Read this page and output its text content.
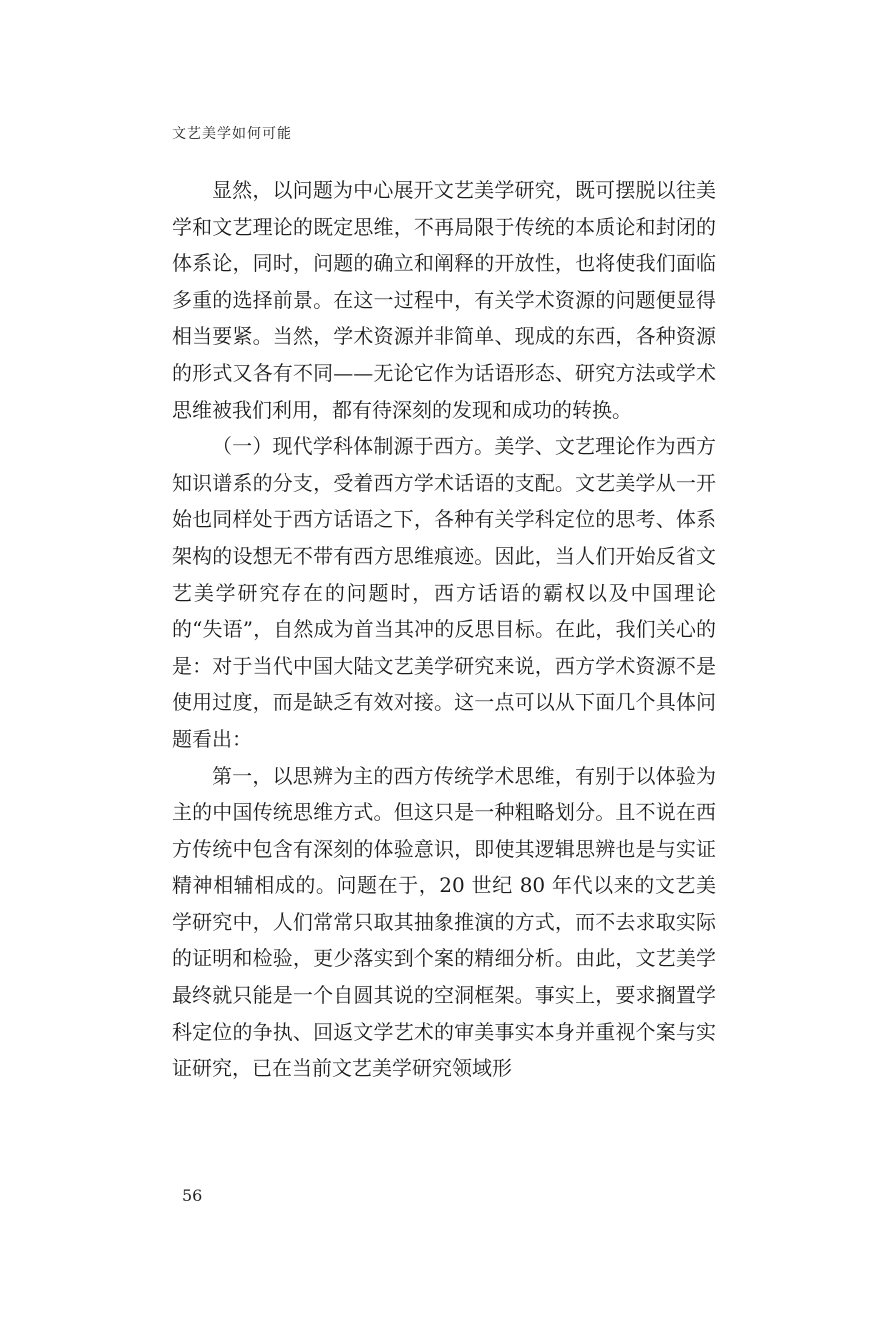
文艺美学如何可能

显然，以问题为中心展开文艺美学研究，既可摆脱以往美学和文艺理论的既定思维，不再局限于传统的本质论和封闭的体系论，同时，问题的确立和阐释的开放性，也将使我们面临多重的选择前景。在这一过程中，有关学术资源的问题便显得相当要紧。当然，学术资源并非简单、现成的东西，各种资源的形式又各有不同——无论它作为话语形态、研究方法或学术思维被我们利用，都有待深刻的发现和成功的转换。

（一）现代学科体制源于西方。美学、文艺理论作为西方知识谱系的分支，受着西方学术话语的支配。文艺美学从一开始也同样处于西方话语之下，各种有关学科定位的思考、体系架构的设想无不带有西方思维痕迹。因此，当人们开始反省文艺美学研究存在的问题时，西方话语的霸权以及中国理论的“失语”，自然成为首当其冲的反思目标。在此，我们关心的是：对于当代中国大陆文艺美学研究来说，西方学术资源不是使用过度，而是缺乏有效对接。这一点可以从下面几个具体问题看出：

第一，以思辨为主的西方传统学术思维，有别于以体验为主的中国传统思维方式。但这只是一种粗略划分。且不说在西方传统中包含有深刻的体验意识，即使其逻辑思辨也是与实证精神相辅相成的。问题在于，20 世纪 80 年代以来的文艺美学研究中，人们常常只取其抽象推演的方式，而不去求取实际的证明和检验，更少落实到个案的精细分析。由此，文艺美学最终就只能是一个自圆其说的空洞框架。事实上，要求搁置学科定位的争执、回返文学艺术的审美事实本身并重视个案与实证研究，已在当前文艺美学研究领域形

56
